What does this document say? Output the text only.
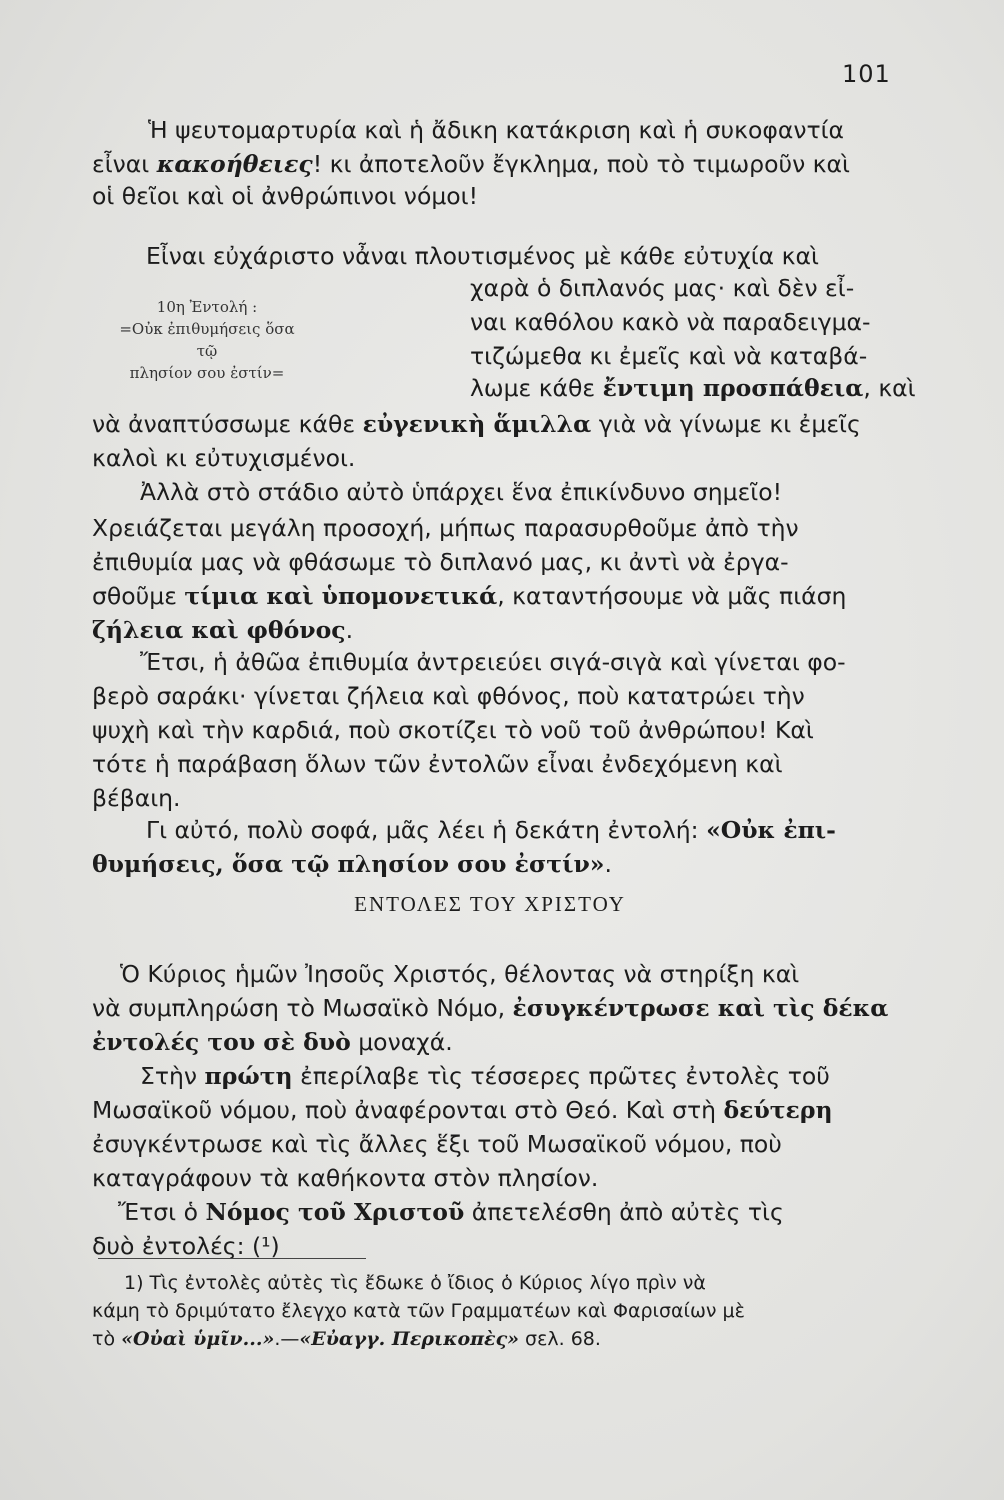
101
Ἡ ψευτομαρτυρία καὶ ἡ ἄδικη κατάκριση καὶ ἡ συκοφαντία
εἶναι κακοήθειες! κι ἀποτελοῦν ἔγκλημα, ποὺ τὸ τιμωροῦν καὶ
οἱ θεῖοι καὶ οἱ ἀνθρώπινοι νόμοι!
Εἶναι εὐχάριστο νἆναι πλουτισμένος μὲ κάθε εὐτυχία καὶ
χαρὰ ὁ διπλανός μας· καὶ δὲν εἶ-
ναι καθόλου κακὸ νὰ παραδειγμα-
τιζώμεθα κι ἐμεῖς καὶ νὰ καταβά-
λωμε κάθε ἔντιμη προσπάθεια, καὶ
νὰ ἀναπτύσσωμε κάθε εὐγενικὴ ἅμιλλα γιὰ νὰ γίνωμε κι ἐμεῖς
καλοὶ κι εὐτυχισμένοι.
10η Ἐντολή :
=Οὐκ ἐπιθυμήσεις ὅσα τῷ
πλησίον σου ἐστίν=
Ἀλλὰ στὸ στάδιο αὐτὸ ὑπάρχει ἕνα ἐπικίνδυνο σημεῖο!
Χρειάζεται μεγάλη προσοχή, μήπως παρασυρθοῦμε ἀπὸ τὴν
ἐπιθυμία μας νὰ φθάσωμε τὸ διπλανό μας, κι ἀντὶ νὰ ἐργα-
σθοῦμε τίμια καὶ ὑπομονετικά, καταντήσουμε νὰ μᾶς πιάση
ζήλεια καὶ φθόνος.
Ἔτσι, ἡ ἀθῶα ἐπιθυμία ἀντρειεύει σιγά-σιγὰ καὶ γίνεται φο-
βερὸ σαράκι· γίνεται ζήλεια καὶ φθόνος, ποὺ κατατρώει τὴν
ψυχὴ καὶ τὴν καρδιά, ποὺ σκοτίζει τὸ νοῦ τοῦ ἀνθρώπου! Καὶ
τότε ἡ παράβαση ὅλων τῶν ἐντολῶν εἶναι ἐνδεχόμενη καὶ
βέβαιη.
Γι αὐτό, πολὺ σοφά, μᾶς λέει ἡ δεκάτη ἐντολή: «Οὐκ ἐπι-
θυμήσεις, ὅσα τῷ πλησίον σου ἐστίν».
ΕΝΤΟΛΕΣ ΤΟΥ ΧΡΙΣΤΟΥ
Ὁ Κύριος ἡμῶν Ἰησοῦς Χριστός, θέλοντας νὰ στηρίξη καὶ
νὰ συμπληρώση τὸ Μωσαϊκὸ Νόμο, ἐσυγκέντρωσε καὶ τὶς δέκα
ἐντολές του σὲ δυὸ μοναχά.
Στὴν πρώτη ἐπερίλαβε τὶς τέσσερες πρῶτες ἐντολὲς τοῦ
Μωσαϊκοῦ νόμου, ποὺ ἀναφέρονται στὸ Θεό. Καὶ στὴ δεύτερη
ἐσυγκέντρωσε καὶ τὶς ἄλλες ἕξι τοῦ Μωσαϊκοῦ νόμου, ποὺ
καταγράφουν τὰ καθήκοντα στὸν πλησίον.
Ἔτσι ὁ Νόμος τοῦ Χριστοῦ ἀπετελέσθη ἀπὸ αὐτὲς τὶς
δυὸ ἐντολές: (¹)
1) Τὶς ἐντολὲς αὐτὲς τὶς ἔδωκε ὁ ἴδιος ὁ Κύριος λίγο πρὶν νὰ
κάμη τὸ δριμύτατο ἔλεγχο κατὰ τῶν Γραμματέων καὶ Φαρισαίων μὲ
τὸ «Οὐαὶ ὑμῖν...».—«Εὐαγγ. Περικοπὲς» σελ. 68.
